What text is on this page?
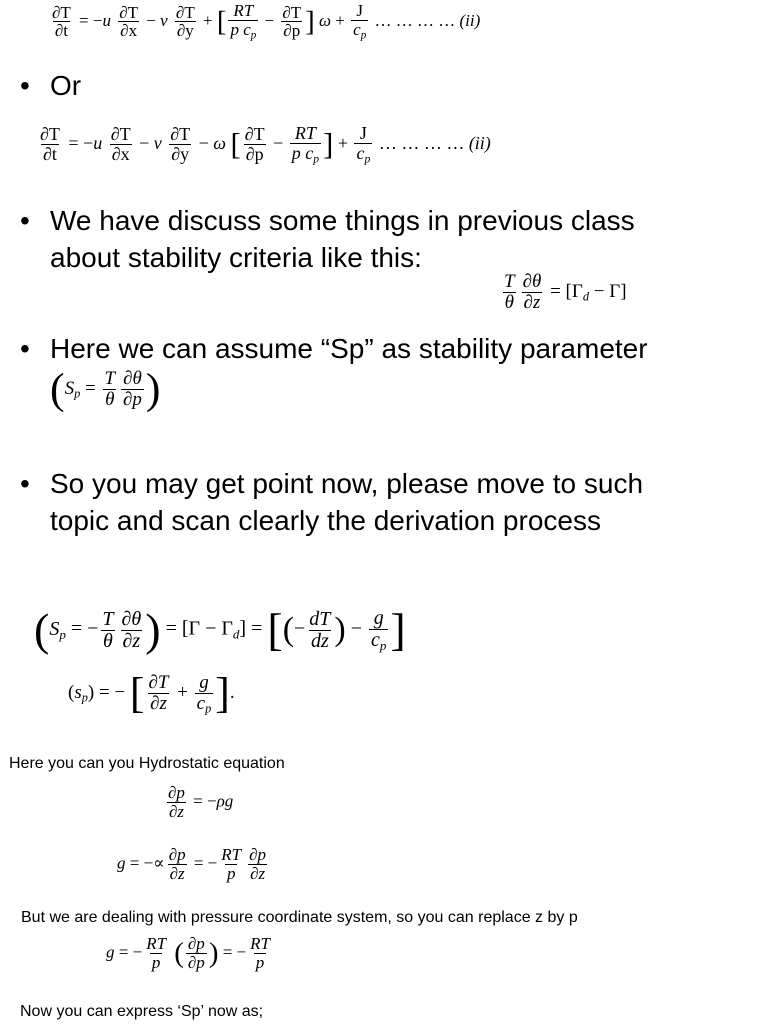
$\frac{\partial T}{\partial t} = -u \frac{\partial T}{\partial x} - v \frac{\partial T}{\partial y}$ + [ $\frac{RT}{p c_p} - \frac{\partial T}{\partial p}$ ] $\omega + \frac{J}{c_p}$ … … … … (ii)
• Or
$\frac{\partial T}{\partial t} = -u \frac{\partial T}{\partial x} - v \frac{\partial T}{\partial y} - \omega$ [ $\frac{\partial T}{\partial p} - \frac{RT}{p c_p}$ ] + $\frac{J}{c_p}$ … … … … (ii)
• We have discuss some things in previous class
about stability criteria like this:
$\frac{T}{\theta} \frac{\partial\theta}{\partial z} = [\Gamma_d - \Gamma]$
• Here we can assume “Sp” as stability parameter
($S_p = \frac{T}{\theta} \frac{\partial\theta}{\partial p}$ )
• So you may get point now, please move to such
topic and scan clearly the derivation process
($S_p$ = − $\frac{T}{\theta} \frac{\partial\theta}{\partial z}$ ) = $[\Gamma - \Gamma_d]$ = [(− $\frac{dT}{dz}$ ) − $\frac{g}{c_p}$ ]
$(s_p)$ = − [ $\frac{\partial T}{\partial z} + \frac{g}{c_p}$ ].
Here you can you Hydrostatic equation
$\frac{\partial p}{\partial z} = -\rho g$
g = −∝ $\frac{\partial p}{\partial z}$ = − $\frac{RT}{p} \frac{\partial p}{\partial z}$
But we are dealing with pressure coordinate system, so you can replace z by p
g = − $\frac{RT}{p}$ ( $\frac{\partial p}{\partial p}$ ) = − $\frac{RT}{p}$
Now you can express ‘Sp’ now as;
